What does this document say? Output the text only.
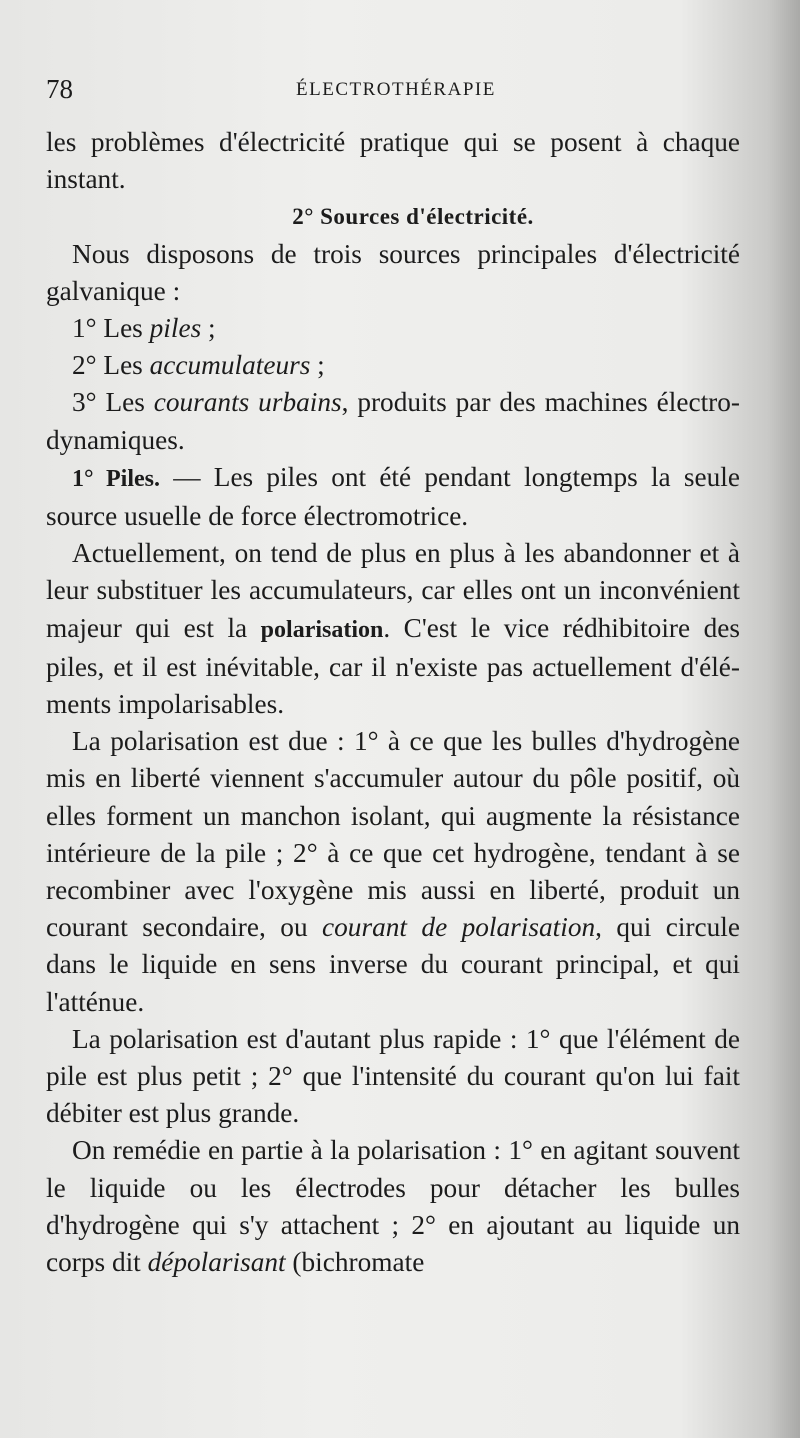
78	ÉLECTROTHÉRAPIE

les problèmes d'électricité pratique qui se posent à chaque instant.

2° Sources d'électricité.

Nous disposons de trois sources principales d'électricité galvanique :

1° Les piles ;

2° Les accumulateurs ;

3° Les courants urbains, produits par des machines électro-dynamiques.

1° Piles. — Les piles ont été pendant longtemps la seule source usuelle de force électromotrice.

Actuellement, on tend de plus en plus à les abandonner et à leur substituer les accumulateurs, car elles ont un inconvénient majeur qui est la polarisation. C'est le vice rédhibitoire des piles, et il est inévitable, car il n'existe pas actuellement d'éléments impolarisables.

La polarisation est due : 1° à ce que les bulles d'hydrogène mis en liberté viennent s'accumuler autour du pôle positif, où elles forment un manchon isolant, qui augmente la résistance intérieure de la pile ; 2° à ce que cet hydrogène, tendant à se recombiner avec l'oxygène mis aussi en liberté, produit un courant secondaire, ou courant de polarisation, qui circule dans le liquide en sens inverse du courant principal, et qui l'atténue.

La polarisation est d'autant plus rapide : 1° que l'élément de pile est plus petit ; 2° que l'intensité du courant qu'on lui fait débiter est plus grande.

On remédie en partie à la polarisation : 1° en agitant souvent le liquide ou les électrodes pour détacher les bulles d'hydrogène qui s'y attachent ; 2° en ajoutant au liquide un corps dit dépolarisant (bichromate
